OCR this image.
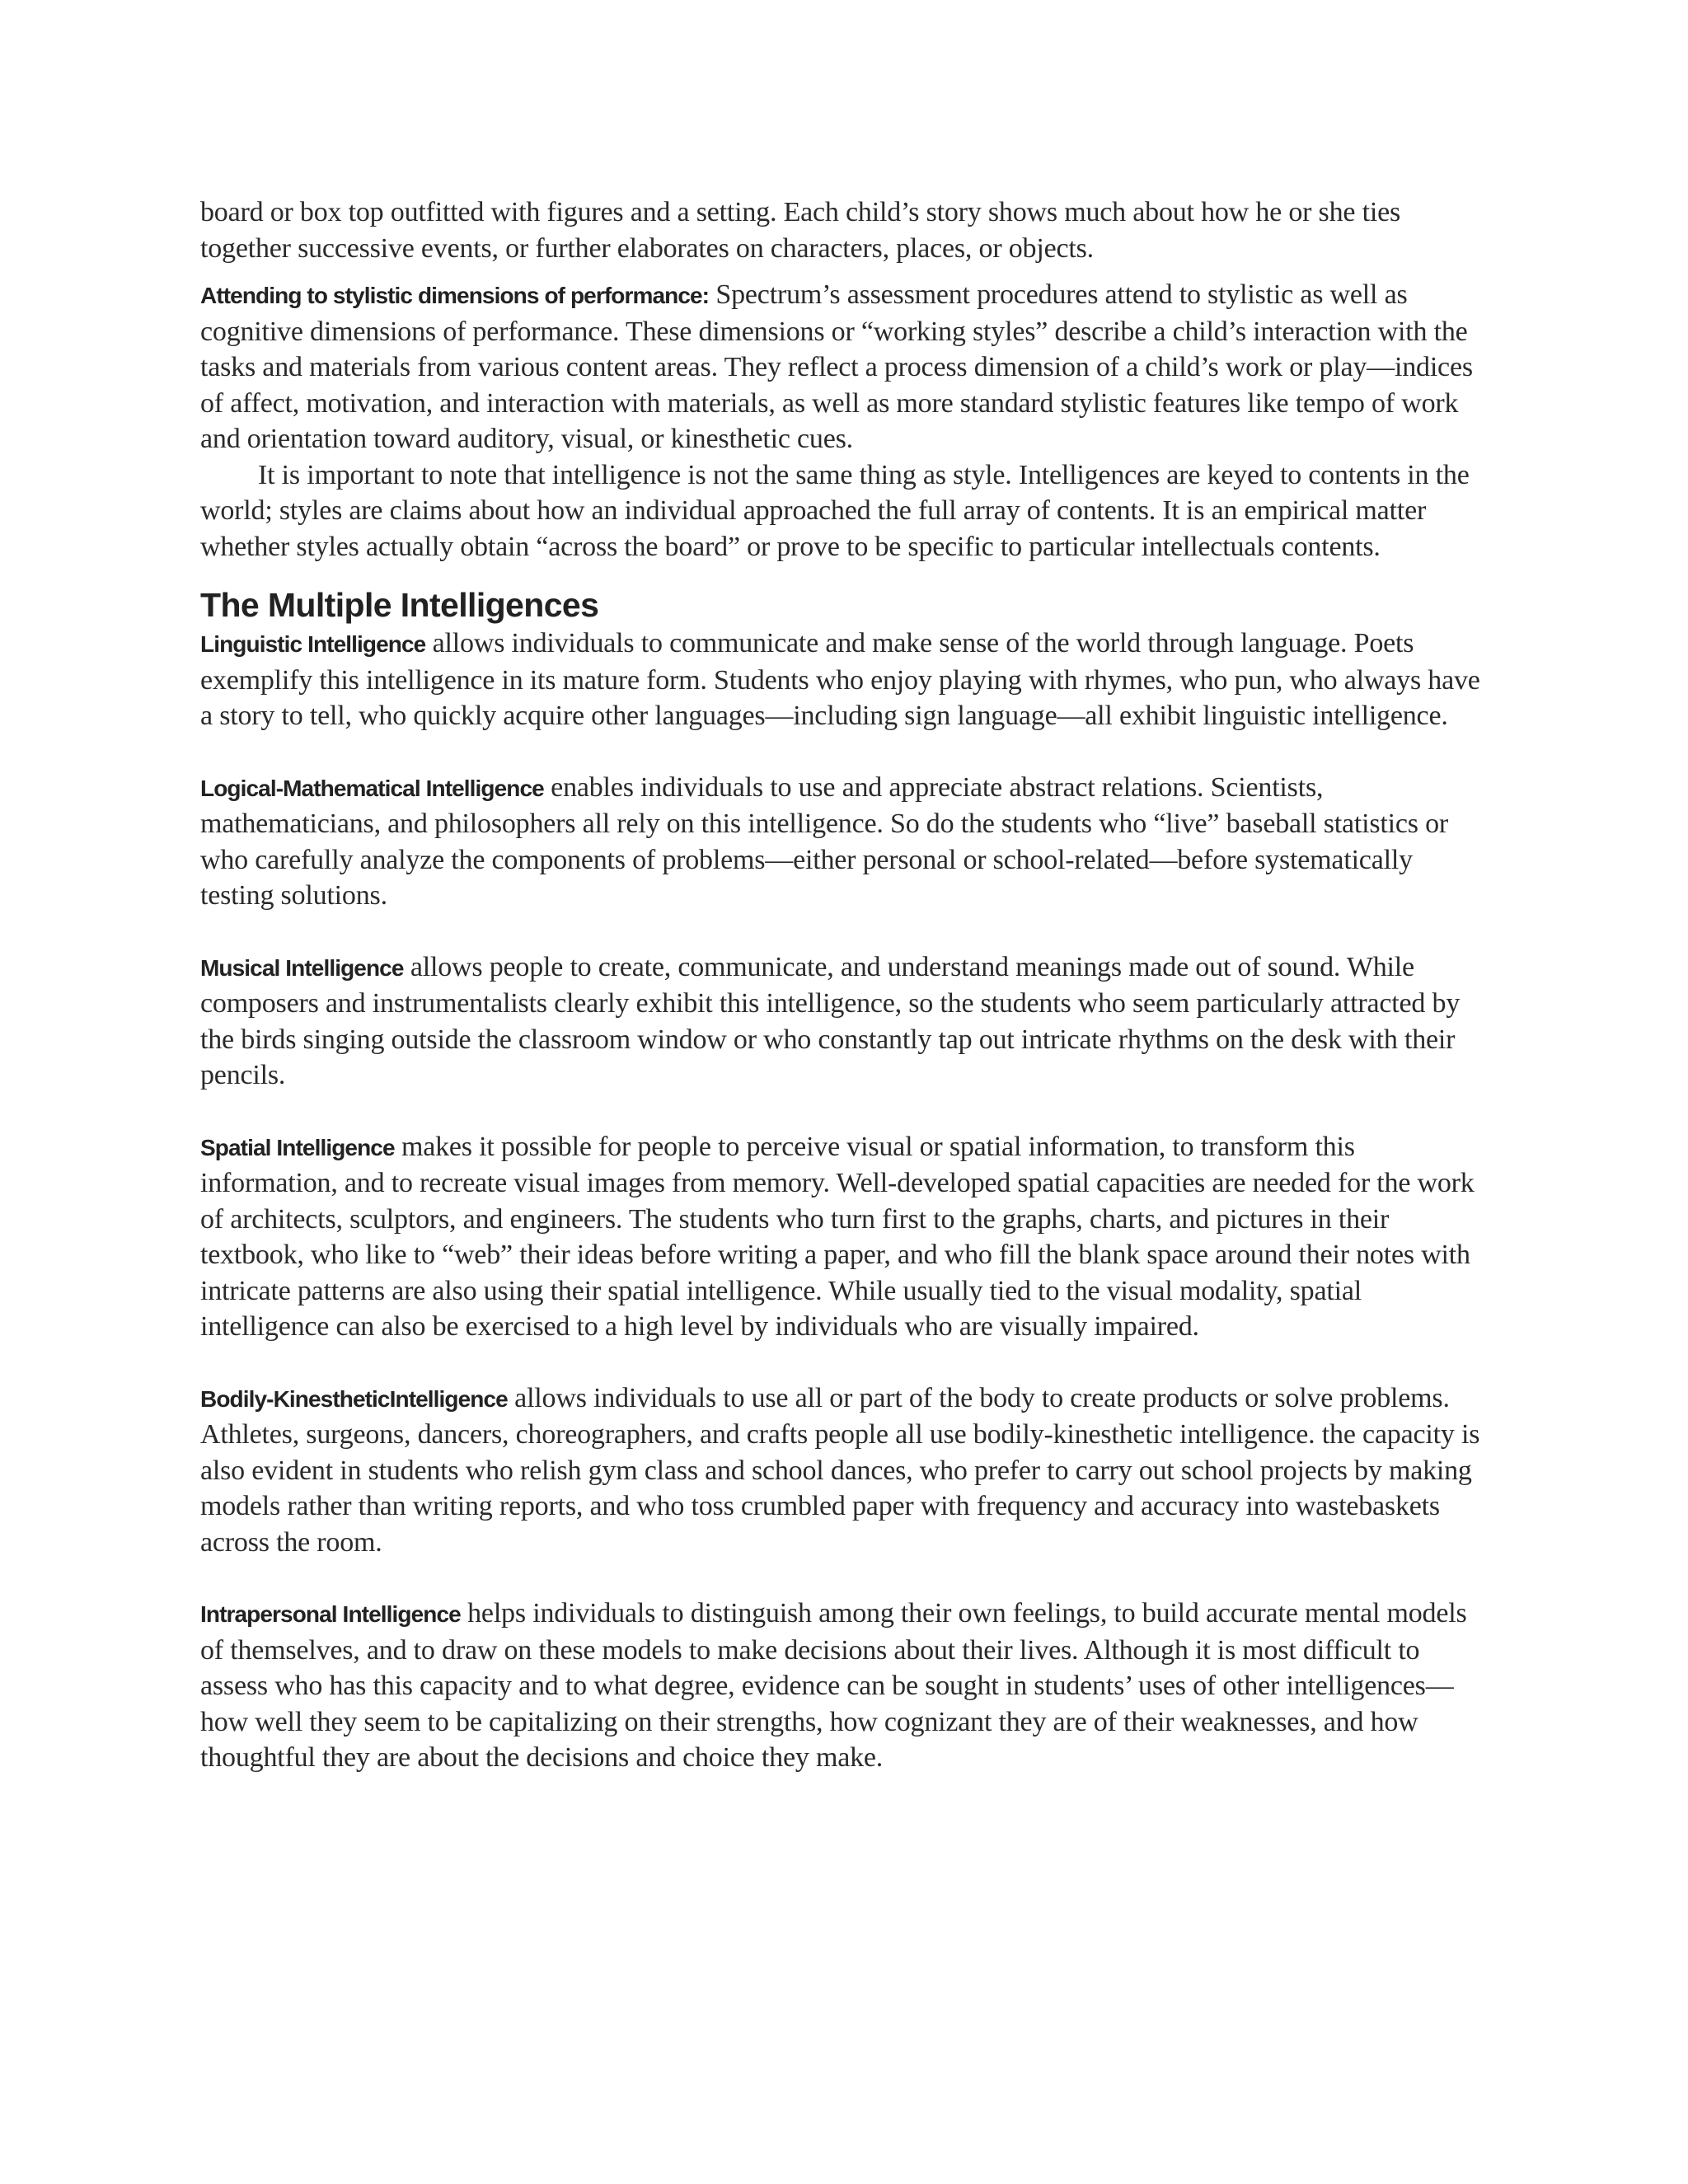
board or box top outfitted with figures and a setting. Each child’s story shows much about how he or she ties together successive events, or further elaborates on characters, places, or objects.

Attending to stylistic dimensions of performance: Spectrum’s assessment procedures attend to stylistic as well as cognitive dimensions of performance. These dimensions or “working styles” describe a child’s interaction with the tasks and materials from various content areas. They reflect a process dimension of a child’s work or play—indices of affect, motivation, and interaction with materials, as well as more standard stylistic features like tempo of work and orientation toward auditory, visual, or kinesthetic cues.

It is important to note that intelligence is not the same thing as style. Intelligences are keyed to contents in the world; styles are claims about how an individual approached the full array of contents. It is an empirical matter whether styles actually obtain “across the board” or prove to be specific to particular intellectuals contents.

The Multiple Intelligences

Linguistic Intelligence allows individuals to communicate and make sense of the world through language. Poets exemplify this intelligence in its mature form. Students who enjoy playing with rhymes, who pun, who always have a story to tell, who quickly acquire other languages—including sign language—all exhibit linguistic intelligence.

Logical-Mathematical Intelligence enables individuals to use and appreciate abstract relations. Scientists, mathematicians, and philosophers all rely on this intelligence. So do the students who “live” baseball statistics or who carefully analyze the components of problems—either personal or school-related—before systematically testing solutions.

Musical Intelligence allows people to create, communicate, and understand meanings made out of sound. While composers and instrumentalists clearly exhibit this intelligence, so the students who seem particularly attracted by the birds singing outside the classroom window or who constantly tap out intricate rhythms on the desk with their pencils.

Spatial Intelligence makes it possible for people to perceive visual or spatial information, to transform this information, and to recreate visual images from memory. Well-developed spatial capacities are needed for the work of architects, sculptors, and engineers. The students who turn first to the graphs, charts, and pictures in their textbook, who like to “web” their ideas before writing a paper, and who fill the blank space around their notes with intricate patterns are also using their spatial intelligence. While usually tied to the visual modality, spatial intelligence can also be exercised to a high level by individuals who are visually impaired.

Bodily-KinestheticIntelligence allows individuals to use all or part of the body to create products or solve problems. Athletes, surgeons, dancers, choreographers, and crafts people all use bodily-kinesthetic intelligence. the capacity is also evident in students who relish gym class and school dances, who prefer to carry out school projects by making models rather than writing reports, and who toss crumbled paper with frequency and accuracy into wastebaskets across the room.

Intrapersonal Intelligence helps individuals to distinguish among their own feelings, to build accurate mental models of themselves, and to draw on these models to make decisions about their lives. Although it is most difficult to assess who has this capacity and to what degree, evidence can be sought in students’ uses of other intelligences—how well they seem to be capitalizing on their strengths, how cognizant they are of their weaknesses, and how thoughtful they are about the decisions and choice they make.
